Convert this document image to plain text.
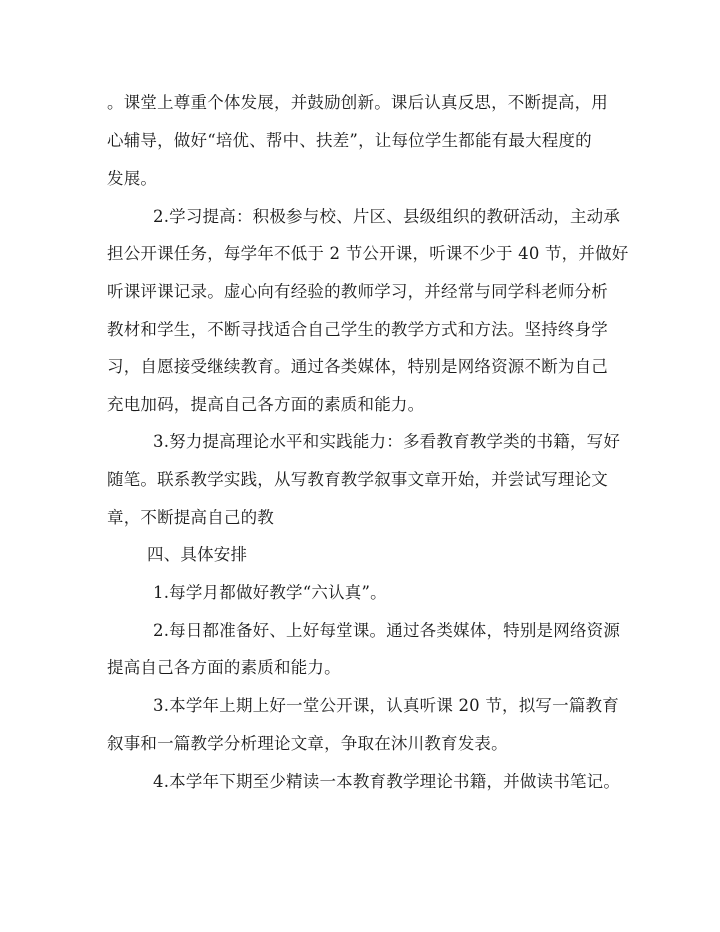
。课堂上尊重个体发展，并鼓励创新。课后认真反思，不断提高，用
心辅导，做好“培优、帮中、扶差”，让每位学生都能有最大程度的
发展。
2.学习提高：积极参与校、片区、县级组织的教研活动，主动承
担公开课任务，每学年不低于 2 节公开课，听课不少于 40 节，并做好
听课评课记录。虚心向有经验的教师学习，并经常与同学科老师分析
教材和学生，不断寻找适合自己学生的教学方式和方法。坚持终身学
习，自愿接受继续教育。通过各类媒体，特别是网络资源不断为自己
充电加码，提高自己各方面的素质和能力。
3.努力提高理论水平和实践能力：多看教育教学类的书籍，写好
随笔。联系教学实践，从写教育教学叙事文章开始，并尝试写理论文
章，不断提高自己的教
四、具体安排
1.每学月都做好教学“六认真”。
2.每日都准备好、上好每堂课。通过各类媒体，特别是网络资源
提高自己各方面的素质和能力。
3.本学年上期上好一堂公开课，认真听课 20 节，拟写一篇教育
叙事和一篇教学分析理论文章，争取在沐川教育发表。
4.本学年下期至少精读一本教育教学理论书籍，并做读书笔记。
